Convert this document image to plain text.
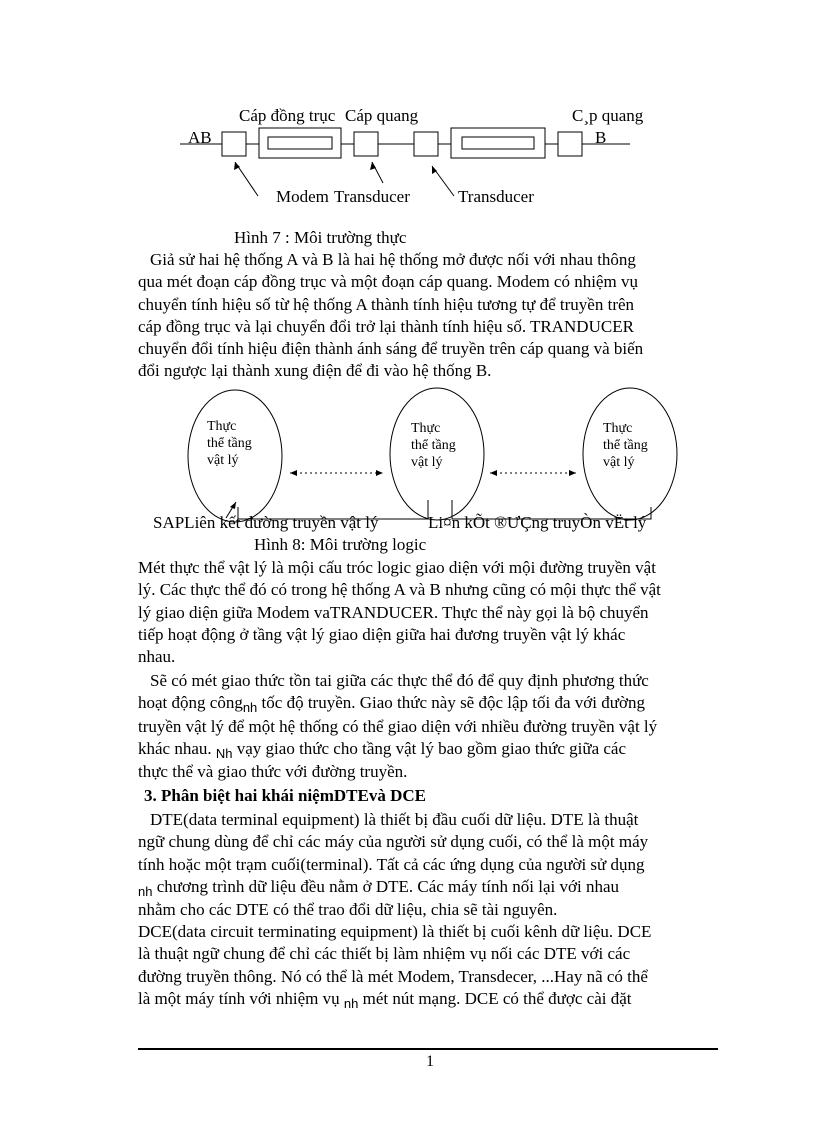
Cáp đồng trục Cáp quang	C¸p quang
AB	B
Modem Transducer	Transducer
Hình 7 : Môi trường thực

Giả sử hai hệ thống A và B là hai hệ thống mở được nối với nhau thông

qua mét đoạn cáp đồng trục và một đoạn cáp quang. Modem có nhiệm vụ

chuyển tính hiệu số từ hệ thống A thành tính hiệu tương tự để truyền trên

cáp đồng trục và lại chuyển đổi trở lại thành tính hiệu số. TRANDUCER

chuyển đổi tính hiệu điện thành ánh sáng để truyền trên cáp quang và biến

đổi ngược lại thành xung điện để đi vào hệ thống B.

Thực
thể tầng
vật lý
Thực
thể tầng
vật lý
Thực
thể tầng
vật lý
SAPLiên kết đường truyền vật lý	Li¤n kÕt ®ƯÇng truyÒn vËt lý
Hình 8: Môi trường logic

Mét thực thể vật lý là mội cấu tróc logic giao diện với mội đường truyền vật

lý. Các thực thể đó có trong hệ thống A và B nhưng cũng có mội thực thể vật

lý giao diện giữa Modem vaTRANDUCER. Thực thể này gọi là bộ chuyển

tiếp hoạt động ở tầng vật lý giao diện giữa hai đương truyền vật lý khác

nhau.

Sẽ có mét giao thức tồn tai giữa các thực thể đó để quy định phương thức

hoạt động công$_{nh}$ tốc độ truyền. Giao thức này sẽ độc lập tối đa với đường

truyền vật lý để một hệ thống có thể giao diện với nhiều đường truyền vật lý

khác nhau. $_{Nh}$ vạy giao thức cho tầng vật lý bao gồm giao thức giữa các

thực thể và giao thức với đường truyền.

3. Phân biệt hai khái niệmDTEvà DCE

DTE(data terminal equipment) là thiết bị đầu cuối dữ liệu. DTE là thuật

ngữ chung dùng để chỉ các máy của người sử dụng cuối, có thể là một máy

tính hoặc một trạm cuối(terminal). Tất cả các ứng dụng của người sử dụng

$_{nh}$ chương trình dữ liệu đều nằm ở DTE. Các máy tính nối lại với nhau

nhằm cho các DTE có thể trao đổi dữ liệu, chia sẽ tài nguyên.

DCE(data circuit terminating equipment) là thiết bị cuối kênh dữ liệu. DCE

là thuật ngữ chung để chỉ các thiết bị làm nhiệm vụ nối các DTE với các

đường truyền thông. Nó có thể là mét Modem, Transdecer, ...Hay nã có thể

là một máy tính với nhiệm vụ $_{nh}$ mét nút mạng. DCE có thể được cài đặt

1
